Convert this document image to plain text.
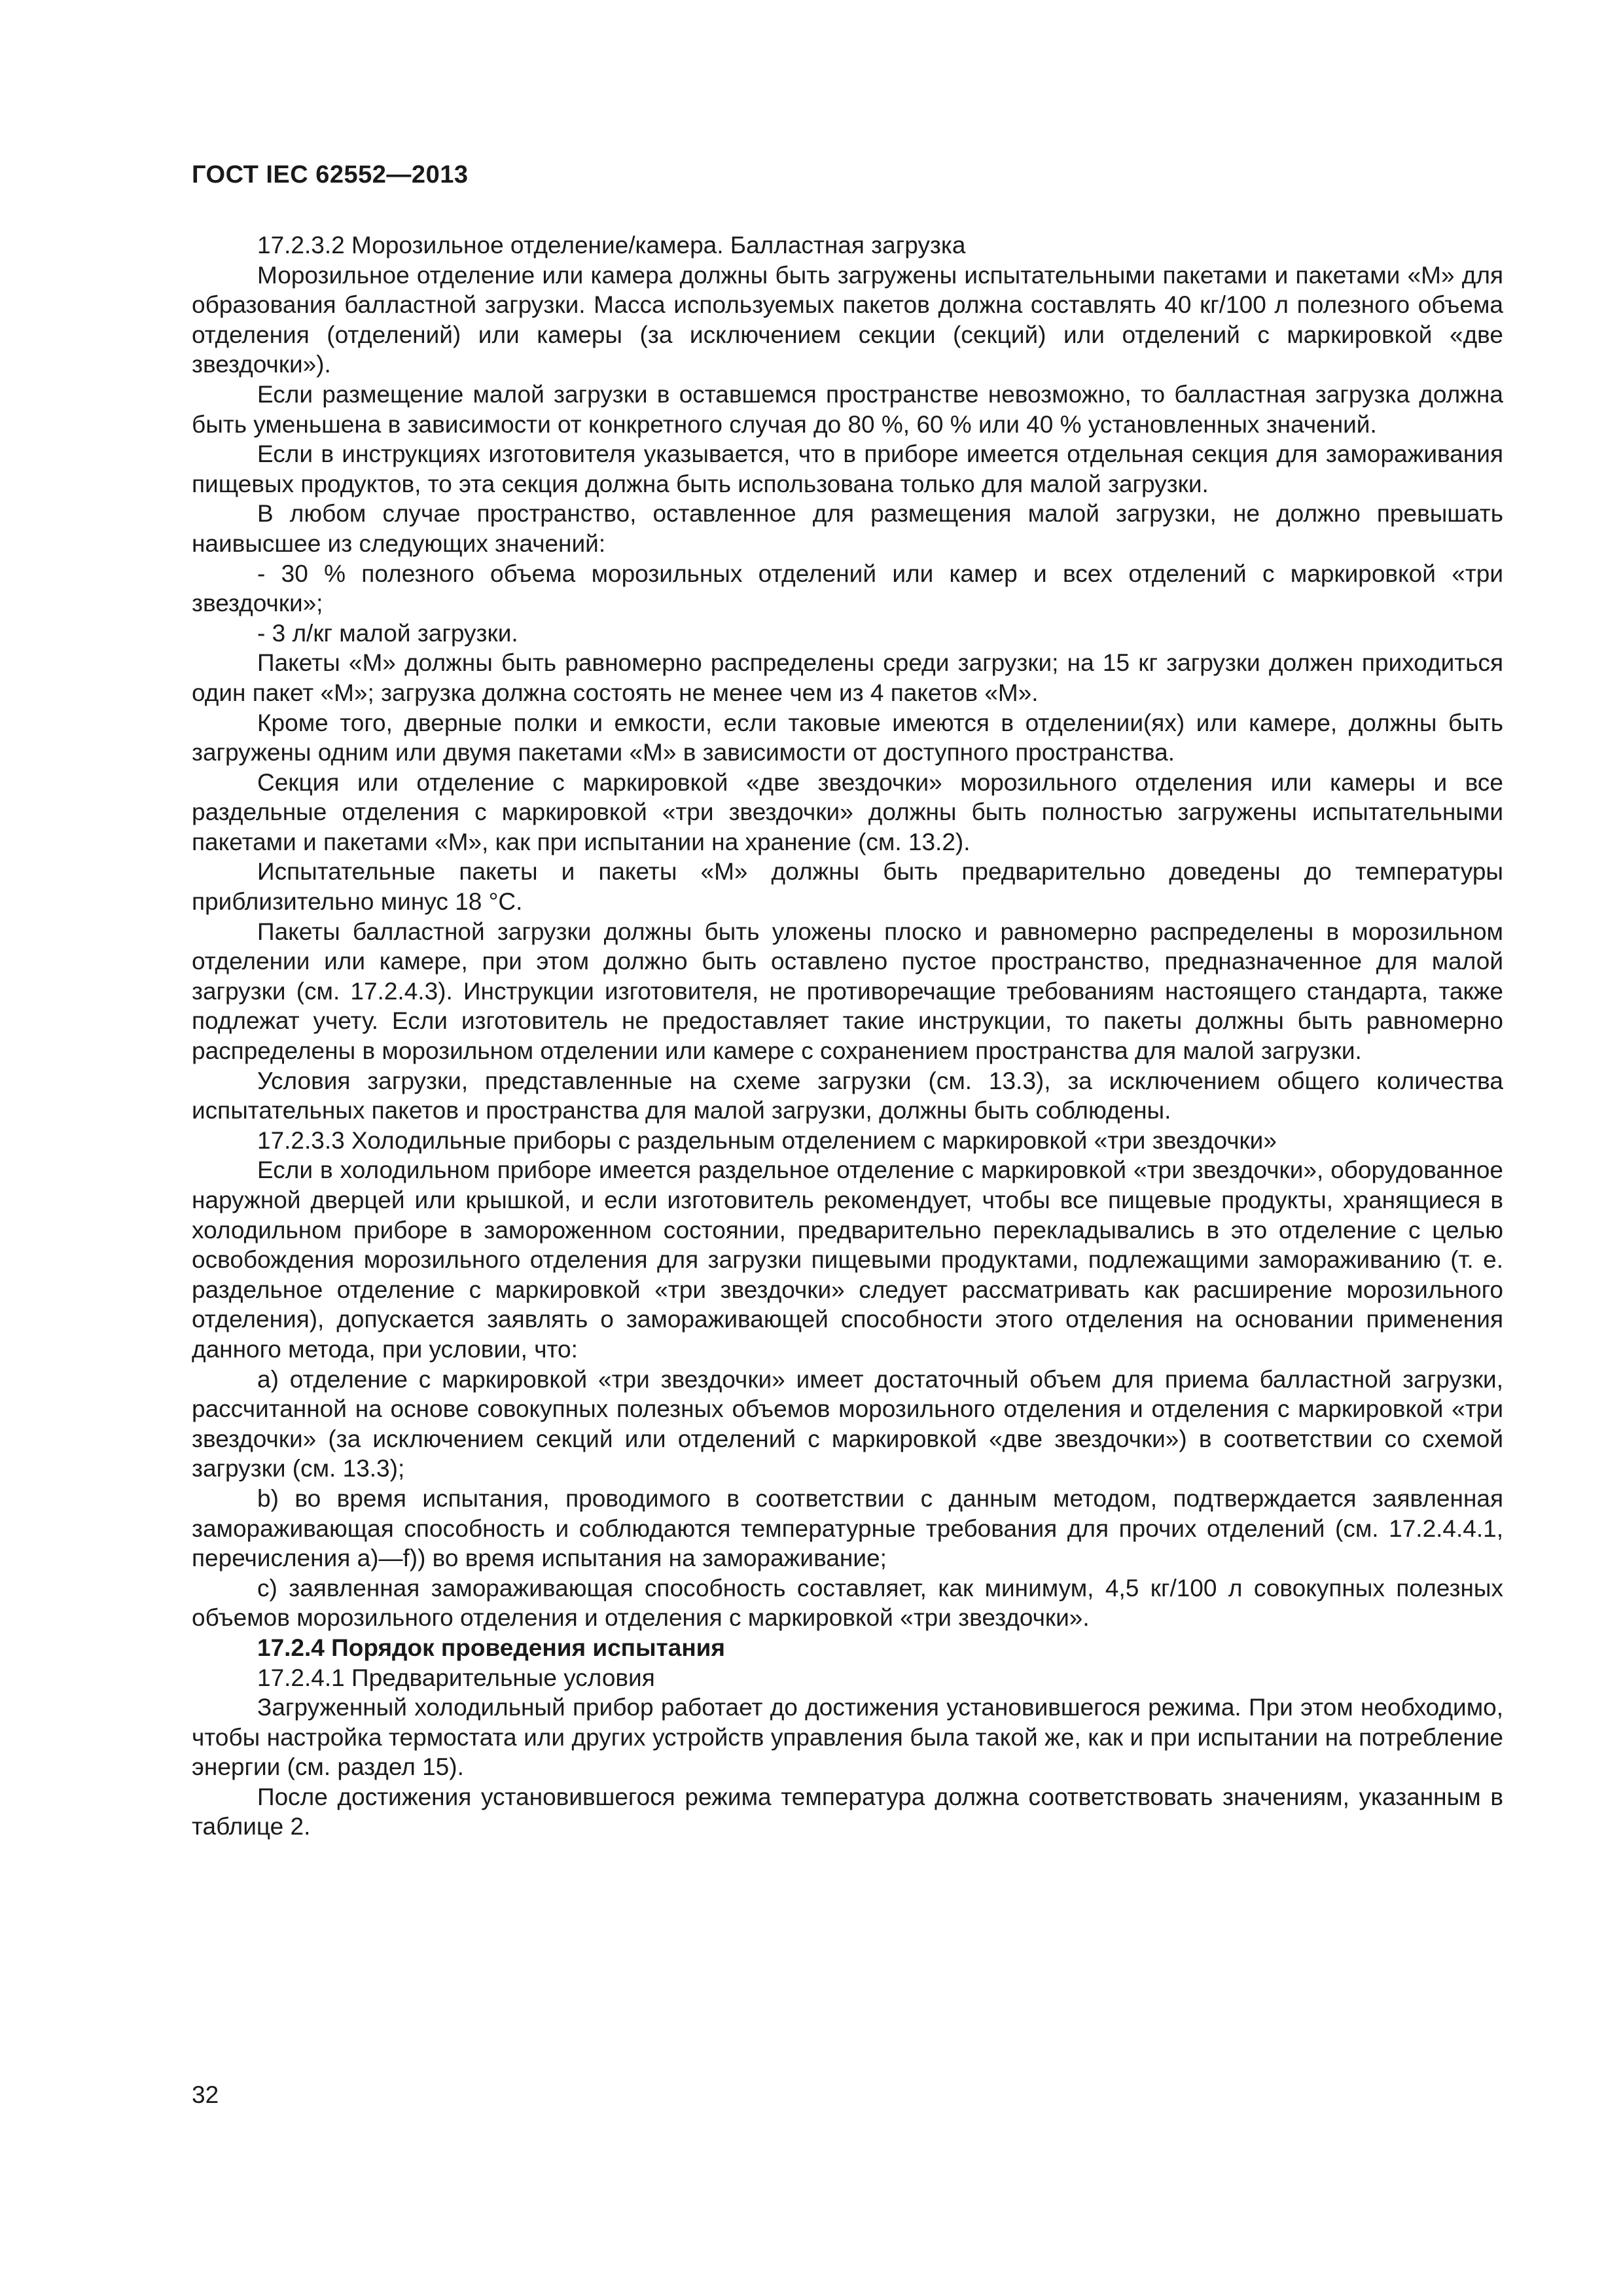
ГОСТ IEC 62552—2013

17.2.3.2 Морозильное отделение/камера. Балластная загрузка

Морозильное отделение или камера должны быть загружены испытательными пакетами и пакетами «М» для образования балластной загрузки. Масса используемых пакетов должна составлять 40 кг/100 л полезного объема отделения (отделений) или камеры (за исключением секции (секций) или отделений с маркировкой «две звездочки»).

Если размещение малой загрузки в оставшемся пространстве невозможно, то балластная загрузка должна быть уменьшена в зависимости от конкретного случая до 80 %, 60 % или 40 % установленных значений.

Если в инструкциях изготовителя указывается, что в приборе имеется отдельная секция для замораживания пищевых продуктов, то эта секция должна быть использована только для малой загрузки.

В любом случае пространство, оставленное для размещения малой загрузки, не должно превышать наивысшее из следующих значений:

- 30 % полезного объема морозильных отделений или камер и всех отделений с маркировкой «три звездочки»;

- 3 л/кг малой загрузки.

Пакеты «М» должны быть равномерно распределены среди загрузки; на 15 кг загрузки должен приходиться один пакет «М»; загрузка должна состоять не менее чем из 4 пакетов «М».

Кроме того, дверные полки и емкости, если таковые имеются в отделении(ях) или камере, должны быть загружены одним или двумя пакетами «М» в зависимости от доступного пространства.

Секция или отделение с маркировкой «две звездочки» морозильного отделения или камеры и все раздельные отделения с маркировкой «три звездочки» должны быть полностью загружены испытательными пакетами и пакетами «М», как при испытании на хранение (см. 13.2).

Испытательные пакеты и пакеты «М» должны быть предварительно доведены до температуры приблизительно минус 18 °С.

Пакеты балластной загрузки должны быть уложены плоско и равномерно распределены в морозильном отделении или камере, при этом должно быть оставлено пустое пространство, предназначенное для малой загрузки (см. 17.2.4.3). Инструкции изготовителя, не противоречащие требованиям настоящего стандарта, также подлежат учету. Если изготовитель не предоставляет такие инструкции, то пакеты должны быть равномерно распределены в морозильном отделении или камере с сохранением пространства для малой загрузки.

Условия загрузки, представленные на схеме загрузки (см. 13.3), за исключением общего количества испытательных пакетов и пространства для малой загрузки, должны быть соблюдены.

17.2.3.3 Холодильные приборы с раздельным отделением с маркировкой «три звездочки»

Если в холодильном приборе имеется раздельное отделение с маркировкой «три звездочки», оборудованное наружной дверцей или крышкой, и если изготовитель рекомендует, чтобы все пищевые продукты, хранящиеся в холодильном приборе в замороженном состоянии, предварительно перекладывались в это отделение с целью освобождения морозильного отделения для загрузки пищевыми продуктами, подлежащими замораживанию (т. е. раздельное отделение с маркировкой «три звездочки» следует рассматривать как расширение морозильного отделения), допускается заявлять о замораживающей способности этого отделения на основании применения данного метода, при условии, что:

а) отделение с маркировкой «три звездочки» имеет достаточный объем для приема балластной загрузки, рассчитанной на основе совокупных полезных объемов морозильного отделения и отделения с маркировкой «три звездочки» (за исключением секций или отделений с маркировкой «две звездочки») в соответствии со схемой загрузки (см. 13.3);

b) во время испытания, проводимого в соответствии с данным методом, подтверждается заявленная замораживающая способность и соблюдаются температурные требования для прочих отделений (см. 17.2.4.4.1, перечисления а)—f)) во время испытания на замораживание;

с) заявленная замораживающая способность составляет, как минимум, 4,5 кг/100 л совокупных полезных объемов морозильного отделения и отделения с маркировкой «три звездочки».

17.2.4 Порядок проведения испытания

17.2.4.1 Предварительные условия

Загруженный холодильный прибор работает до достижения установившегося режима. При этом необходимо, чтобы настройка термостата или других устройств управления была такой же, как и при испытании на потребление энергии (см. раздел 15).

После достижения установившегося режима температура должна соответствовать значениям, указанным в таблице 2.

32
